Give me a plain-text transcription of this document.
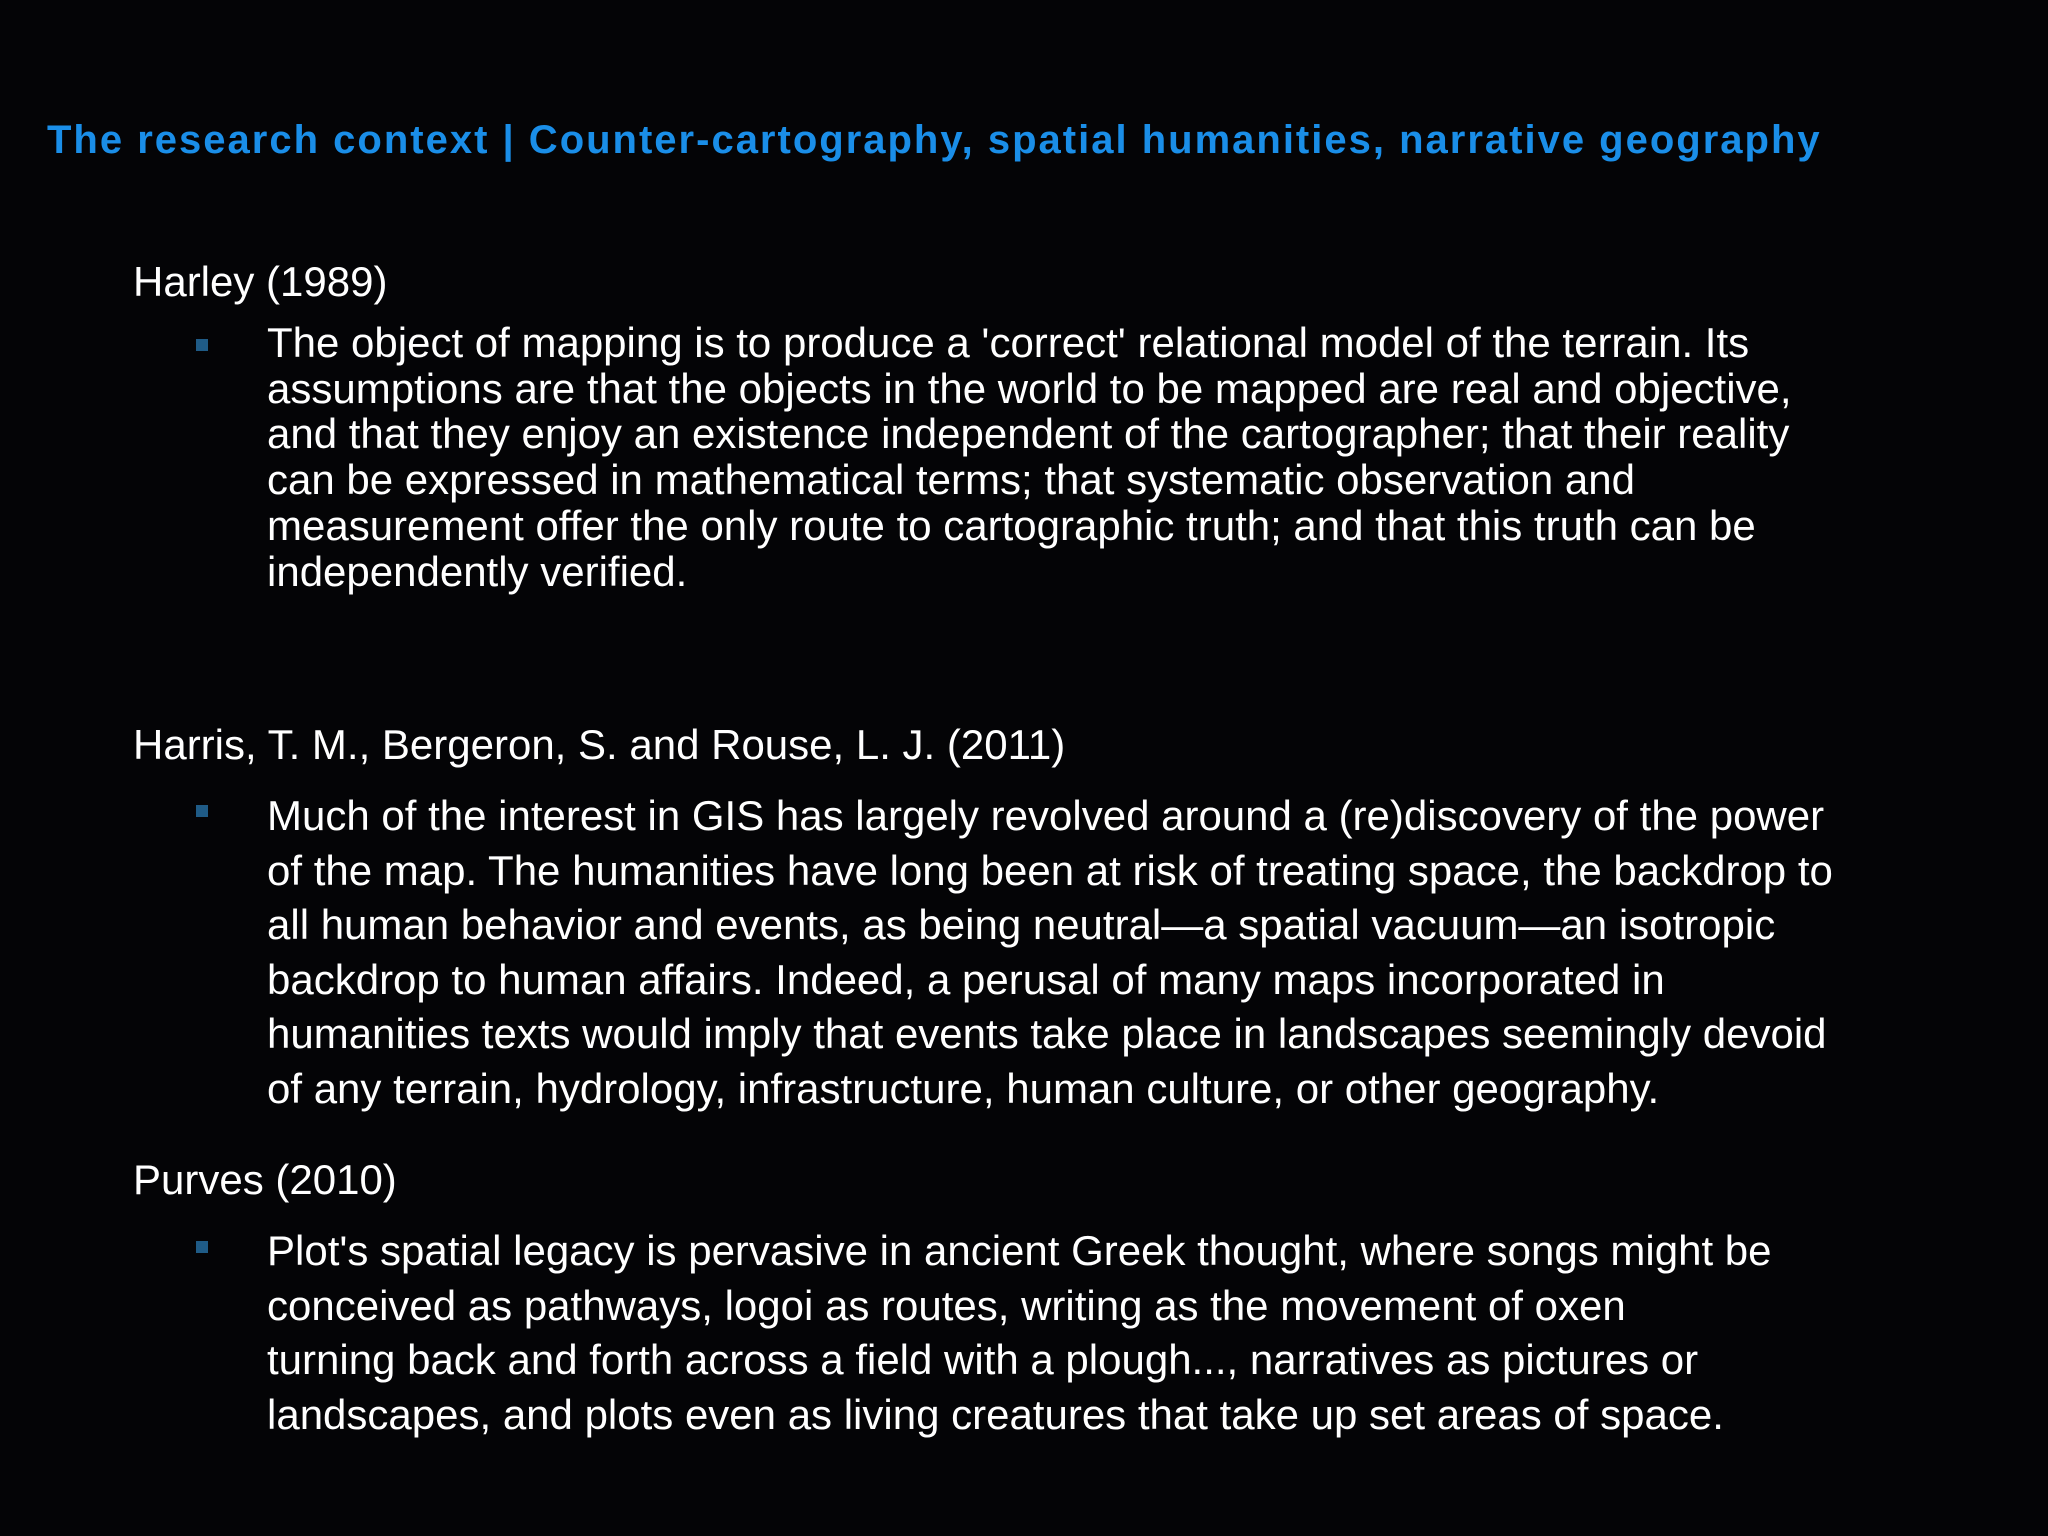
The research context | Counter-cartography, spatial humanities, narrative geography
Harley (1989)
The object of mapping is to produce a 'correct' relational model of the terrain. Its
assumptions are that the objects in the world to be mapped are real and objective,
and that they enjoy an existence independent of the cartographer; that their reality
can be expressed in mathematical terms; that systematic observation and
measurement offer the only route to cartographic truth; and that this truth can be
independently verified.
Harris, T. M., Bergeron, S. and Rouse, L. J. (2011)
Much of the interest in GIS has largely revolved around a (re)discovery of the power
of the map. The humanities have long been at risk of treating space, the backdrop to
all human behavior and events, as being neutral—a spatial vacuum—an isotropic
backdrop to human affairs. Indeed, a perusal of many maps incorporated in
humanities texts would imply that events take place in landscapes seemingly devoid
of any terrain, hydrology, infrastructure, human culture, or other geography.
Purves (2010)
Plot's spatial legacy is pervasive in ancient Greek thought, where songs might be
conceived as pathways, logoi as routes, writing as the movement of oxen
turning back and forth across a field with a plough..., narratives as pictures or
landscapes, and plots even as living creatures that take up set areas of space.
